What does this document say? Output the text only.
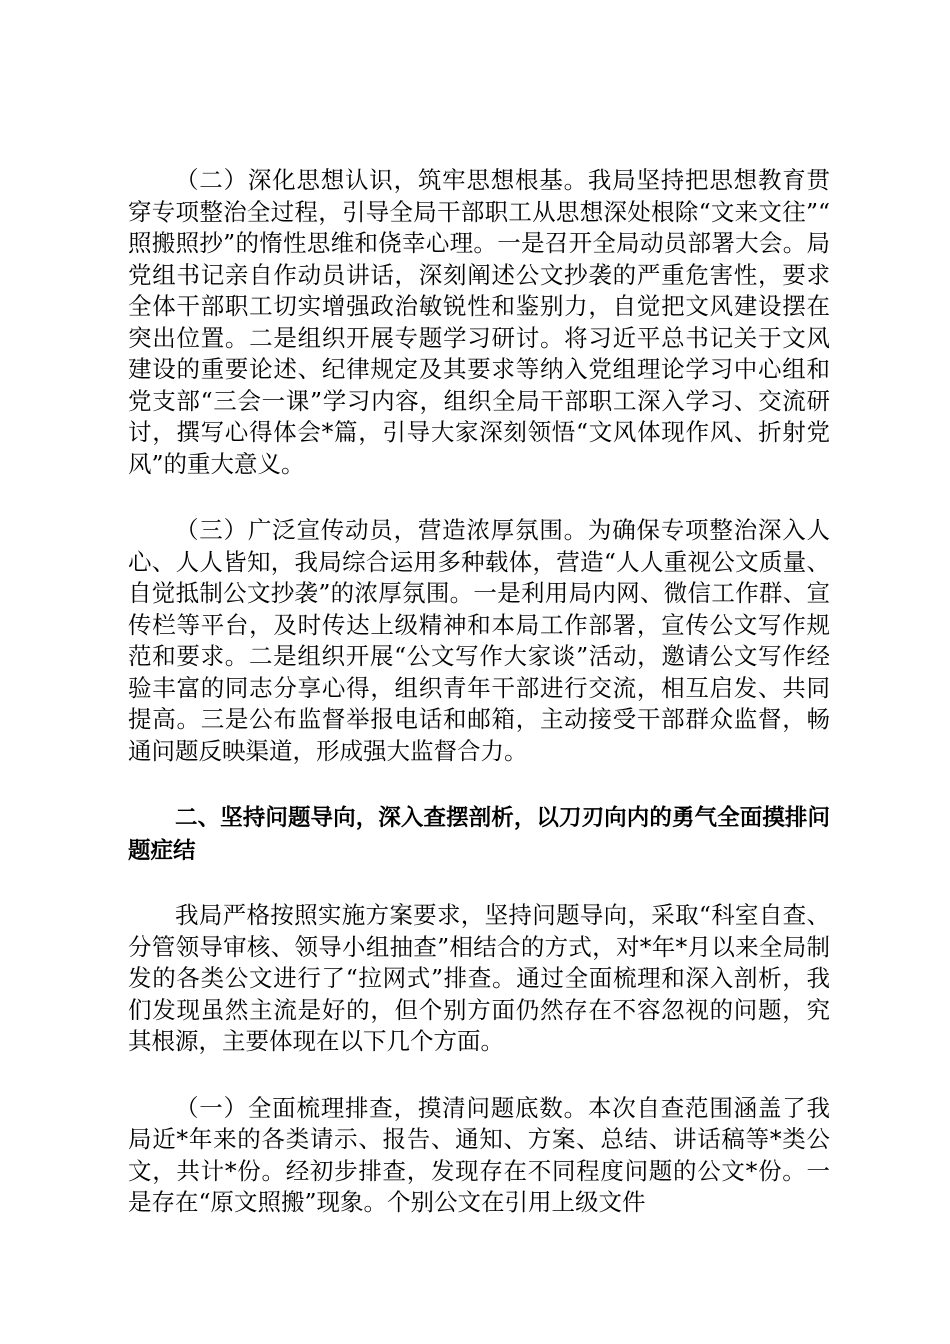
（二）深化思想认识，筑牢思想根基。我局坚持把思想教育贯穿专项整治全过程，引导全局干部职工从思想深处根除“文来文往”“照搬照抄”的惰性思维和侥幸心理。一是召开全局动员部署大会。局党组书记亲自作动员讲话，深刻阐述公文抄袭的严重危害性，要求全体干部职工切实增强政治敏锐性和鉴别力，自觉把文风建设摆在突出位置。二是组织开展专题学习研讨。将习近平总书记关于文风建设的重要论述、纪律规定及其要求等纳入党组理论学习中心组和党支部“三会一课”学习内容，组织全局干部职工深入学习、交流研讨，撰写心得体会*篇，引导大家深刻领悟“文风体现作风、折射党风”的重大意义。

（三）广泛宣传动员，营造浓厚氛围。为确保专项整治深入人心、人人皆知，我局综合运用多种载体，营造“人人重视公文质量、自觉抵制公文抄袭”的浓厚氛围。一是利用局内网、微信工作群、宣传栏等平台，及时传达上级精神和本局工作部署，宣传公文写作规范和要求。二是组织开展“公文写作大家谈”活动，邀请公文写作经验丰富的同志分享心得，组织青年干部进行交流，相互启发、共同提高。三是公布监督举报电话和邮箱，主动接受干部群众监督，畅通问题反映渠道，形成强大监督合力。

二、坚持问题导向，深入查摆剖析，以刀刃向内的勇气全面摸排问题症结

我局严格按照实施方案要求，坚持问题导向，采取“科室自查、分管领导审核、领导小组抽查”相结合的方式，对*年*月以来全局制发的各类公文进行了“拉网式”排查。通过全面梳理和深入剖析，我们发现虽然主流是好的，但个别方面仍然存在不容忽视的问题，究其根源，主要体现在以下几个方面。

（一）全面梳理排查，摸清问题底数。本次自查范围涵盖了我局近*年来的各类请示、报告、通知、方案、总结、讲话稿等*类公文，共计*份。经初步排查，发现存在不同程度问题的公文*份。一是存在“原文照搬”现象。个别公文在引用上级文件
